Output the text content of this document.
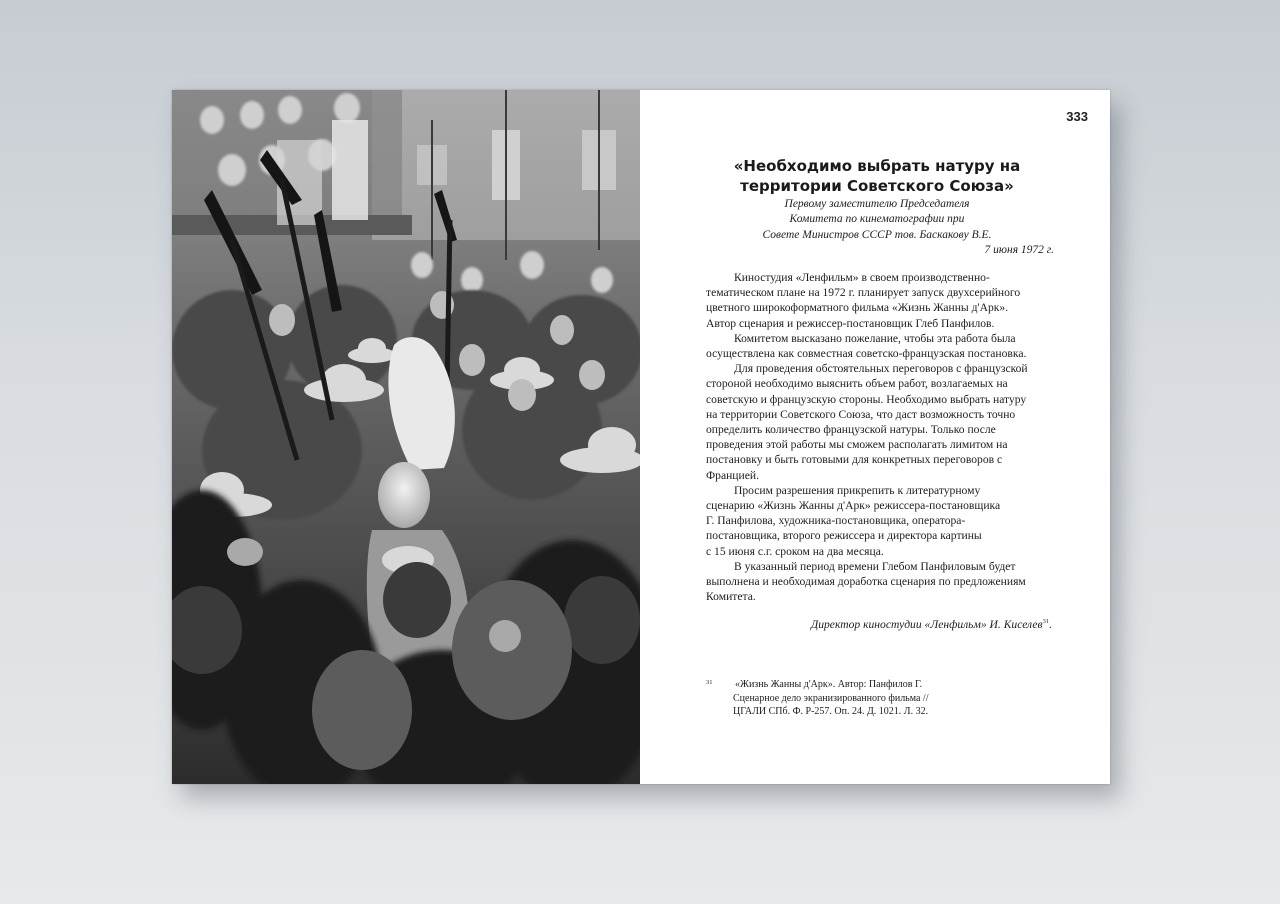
333
«Необходимо выбрать натуру на
территории Советского Союза»
Первому заместителю Председателя
Комитета по кинематографии при
Совете Министров СССР тов. Баскакову В.Е.
7 июня 1972 г.

Киностудия «Ленфильм» в своем производственно-
тематическом плане на 1972 г. планирует запуск двухсерийного
цветного широкоформатного фильма «Жизнь Жанны д'Арк».
Автор сценария и режиссер-постановщик Глеб Панфилов.

Комитетом высказано пожелание, чтобы эта работа была
осуществлена как совместная советско-французская постановка.

Для проведения обстоятельных переговоров с французской
стороной необходимо выяснить объем работ, возлагаемых на
советскую и французскую стороны. Необходимо выбрать натуру
на территории Советского Союза, что даст возможность точно
определить количество французской натуры. Только после
проведения этой работы мы сможем располагать лимитом на
постановку и быть готовыми для конкретных переговоров с
Францией.

Просим разрешения прикрепить к литературному
сценарию «Жизнь Жанны д'Арк» режиссера-постановщика
Г. Панфилова, художника-постановщика, оператора-
постановщика, второго режиссера и директора картины
с 15 июня с.г. сроком на два месяца.

В указанный период времени Глебом Панфиловым будет
выполнена и необходимая доработка сценария по предложениям
Комитета.

Директор киностудии «Ленфильм» И. Киселев$^{31}$.
31 «Жизнь Жанны д'Арк». Автор: Панфилов Г.
Сценарное дело экранизированного фильма //
ЦГАЛИ СПб. Ф. Р-257. Оп. 24. Д. 1021. Л. 32.
